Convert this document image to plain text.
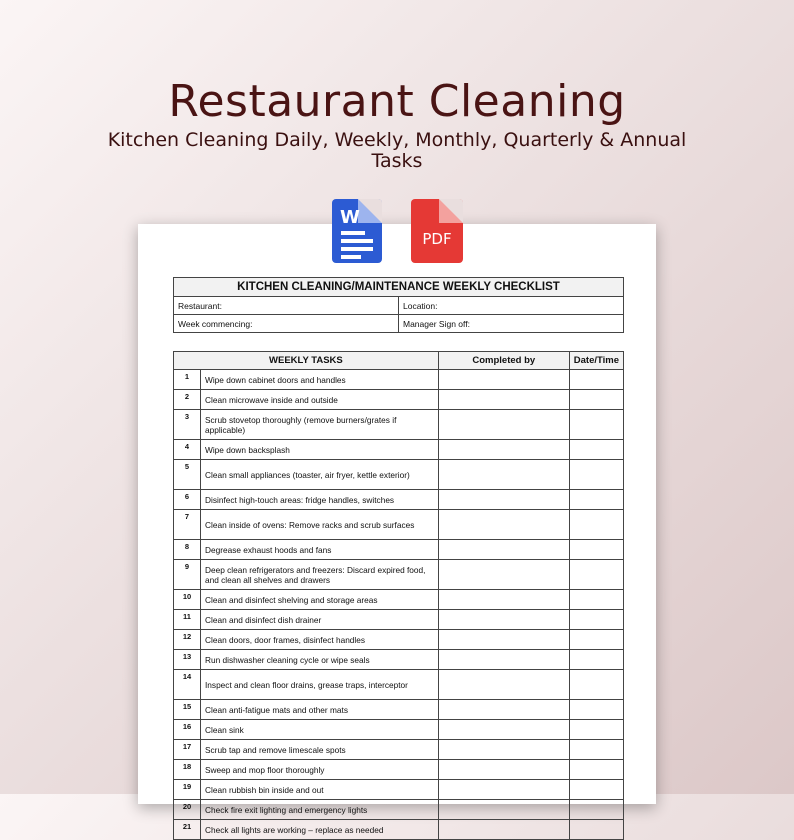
Restaurant Cleaning
Kitchen Cleaning Daily, Weekly, Monthly, Quarterly & Annual Tasks
KITCHEN CLEANING/MAINTENANCE WEEKLY CHECKLIST	
Restaurant:	Location:
Week commencing:	Manager Sign off:
WEEKLY TASKS		Completed by	Date/Time
1	Wipe down cabinet doors and handles		
2	Clean microwave inside and outside		
3	Scrub stovetop thoroughly (remove burners/grates if applicable)		
4	Wipe down backsplash		
5	Clean small appliances (toaster, air fryer, kettle exterior)		
6	Disinfect high-touch areas: fridge handles, switches		
7	Clean inside of ovens: Remove racks and scrub surfaces		
8	Degrease exhaust hoods and fans		
9	Deep clean refrigerators and freezers: Discard expired food, and clean all shelves and drawers		
10	Clean and disinfect shelving and storage areas		
11	Clean and disinfect dish drainer		
12	Clean doors, door frames, disinfect handles		
13	Run dishwasher cleaning cycle or wipe seals		
14	Inspect and clean floor drains, grease traps, interceptor		
15	Clean anti-fatigue mats and other mats		
16	Clean sink		
17	Scrub tap and remove limescale spots		
18	Sweep and mop floor thoroughly		
19	Clean rubbish bin inside and out		
20	Check fire exit lighting and emergency lights		
21	Check all lights are working – replace as needed		
W
PDF
